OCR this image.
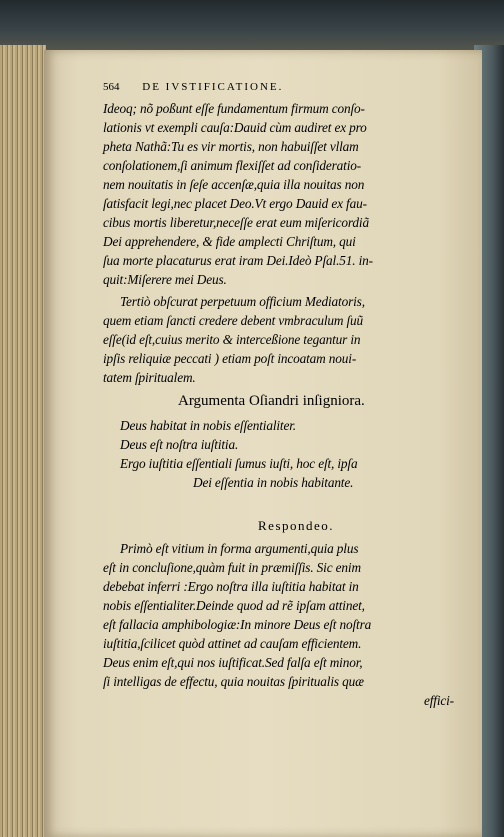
564 DE IVSTIFICATIONE.
Ideoq; nõ poßunt eſſe fundamentum firmum conſo-
lationis vt exempli cauſa:Dauid cùm audiret ex pro
pheta Nathã:Tu es vir mortis, non habuiſſet vllam
conſolationem,ſi animum flexiſſet ad conſideratio-
nem nouitatis in ſeſe accenſæ,quia illa nouitas non
ſatisfacit legi,nec placet Deo.Vt ergo Dauid ex fau-
cibus mortis liberetur,neceſſe erat eum miſericordiã
Dei apprehendere, & fide amplecti Chriſtum, qui
ſua morte placaturus erat iram Dei.Ideò Pſal.51. in-
quit:Miſerere mei Deus.
Tertiò obſcurat perpetuum officium Mediatoris,
quem etiam ſancti credere debent vmbraculum ſuũ
eſſe(id eſt,cuius merito & interceßione tegantur in
ipſis reliquiæ peccati ) etiam poſt incoatam noui-
tatem ſpiritualem.
Argumenta Oſiandri inſigniora.
Deus habitat in nobis eſſentialiter.
Deus eſt noſtra iuſtitia.
Ergo iuſtitia eſſentiali ſumus iuſti, hoc eſt, ipſa
Dei eſſentia in nobis habitante.
Respondeo.
Primò eſt vitium in forma argumenti,quia plus
eſt in concluſione,quàm fuit in præmiſſis. Sic enim
debebat inferri :Ergo noſtra illa iuſtitia habitat in
nobis eſſentialiter.Deinde quod ad rẽ ipſam attinet,
eſt fallacia amphibologiæ:In minore Deus eſt noſtra
iuſtitia,ſcilicet quòd attinet ad cauſam efficientem.
Deus enim eſt,qui nos iuſtificat.Sed falſa eſt minor,
ſi intelligas de effectu, quia nouitas ſpiritualis quæ
effici-
